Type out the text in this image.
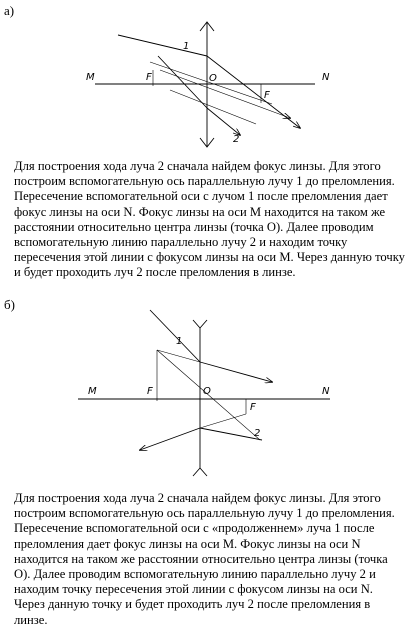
а)
M	N
F	O
F
1
2

Для построения хода луча 2 сначала найдем фокус линзы. Для этого построим вспомогательную ось параллельную лучу 1 до преломления. Пересечение вспомогательной оси с лучом 1 после преломления дает фокус линзы на оси N. Фокус линзы на оси M находится на таком же расстоянии относительно центра линзы (точка O). Далее проводим вспомогательную линию параллельно лучу 2 и находим точку пересечения этой линии с фокусом линзы на оси M. Через данную точку и будет проходить луч 2 после преломления в линзе.

б)
M	N
F	O
F
1
2

Для построения хода луча 2 сначала найдем фокус линзы. Для этого построим вспомогательную ось параллельную лучу 1 до преломления. Пересечение вспомогательной оси с «продолженнем» луча 1 после преломления дает фокус линзы на оси M. Фокус линзы на оси N находится на таком же расстоянии относительно центра линзы (точка O). Далее проводим вспомогательную линию параллельно лучу 2 и находим точку пересечения этой линии с фокусом линзы на оси N. Через данную точку и будет проходить луч 2 после преломления в линзе.
